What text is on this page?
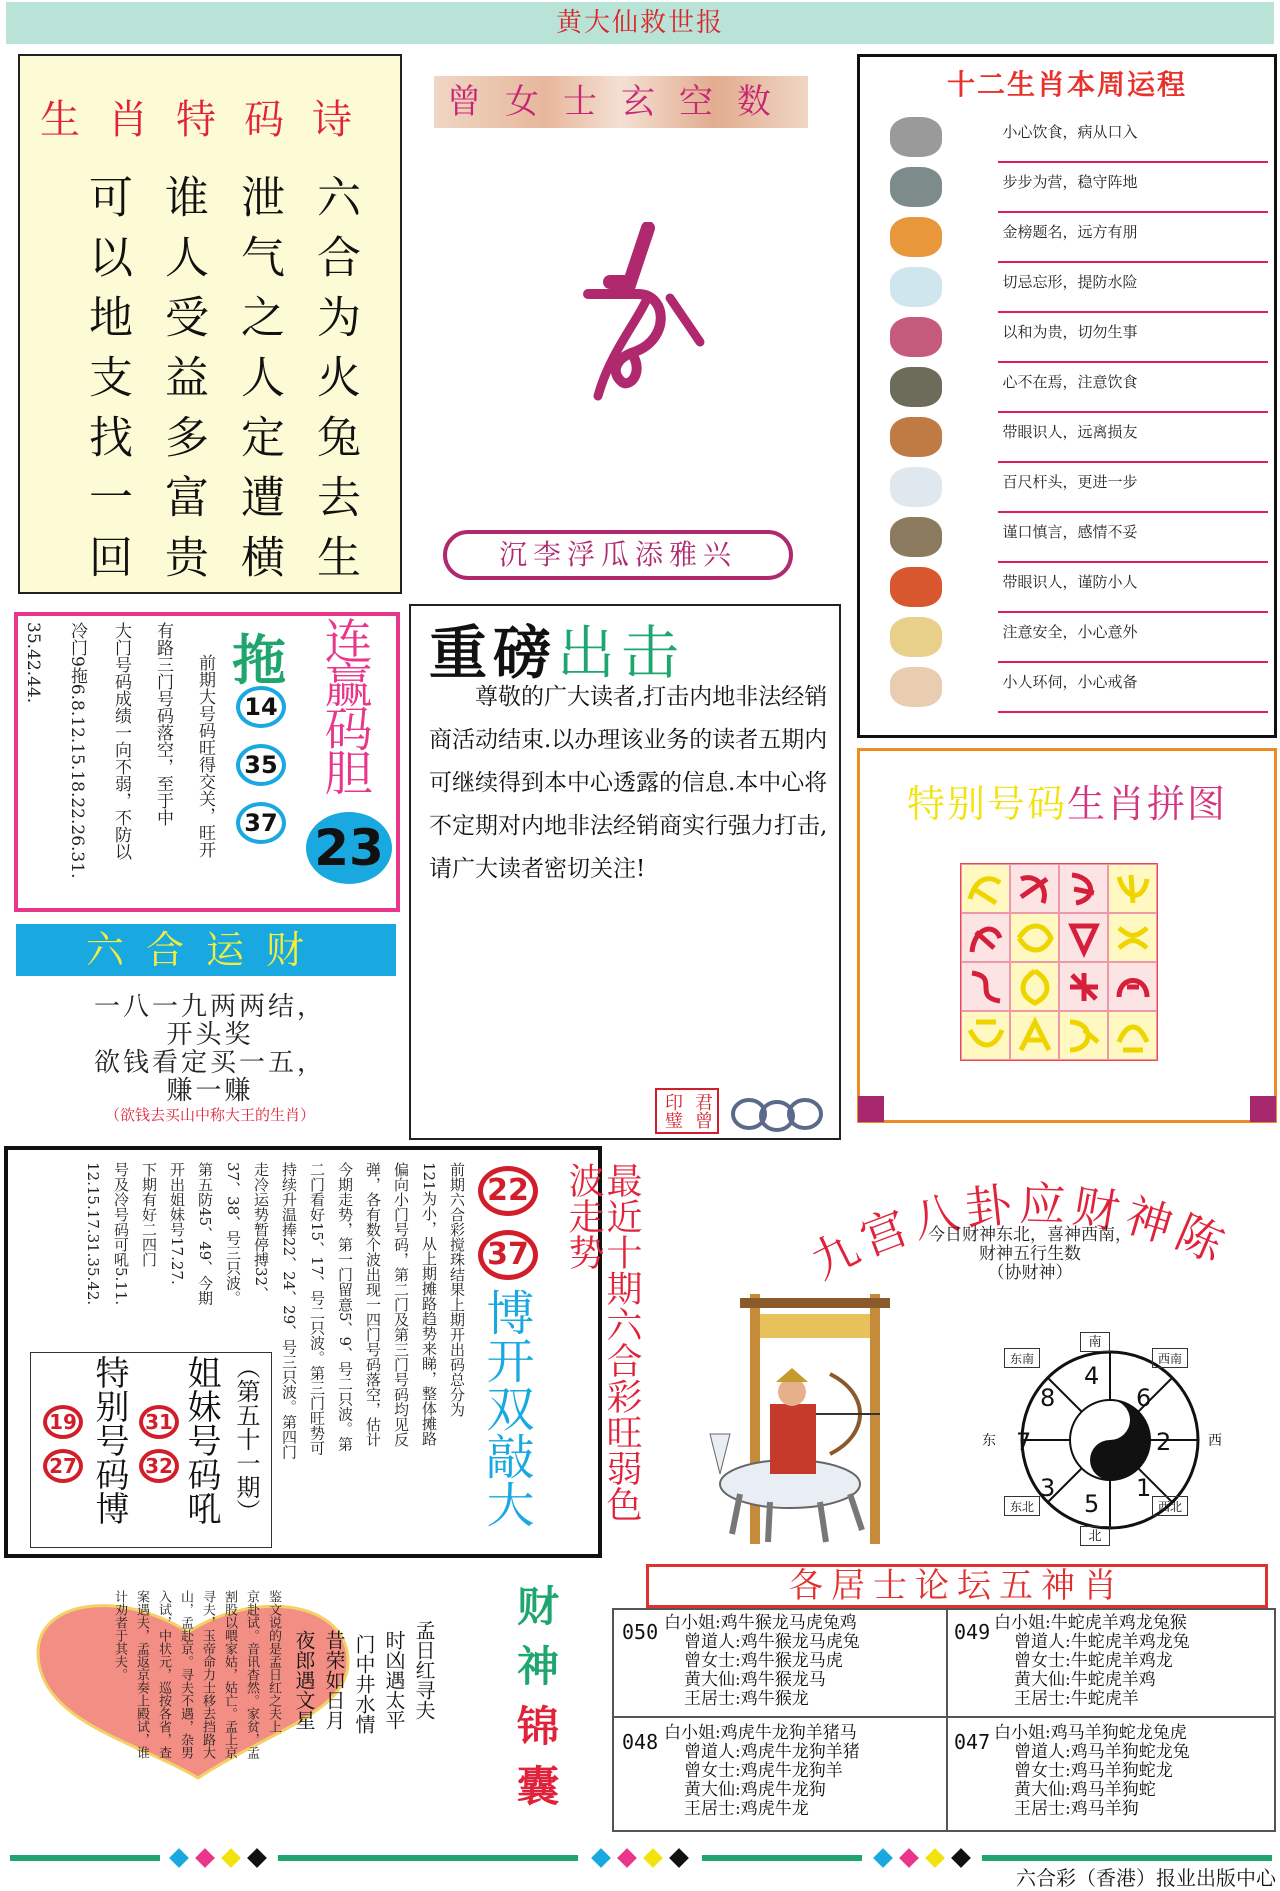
黄大仙救世报
生肖特码诗
六合为火兔去生
泄气之人定遭横
谁人受益多富贵
可以地支找一回
曾女士玄空数
沉李浮瓜添雅兴
十二生肖本周运程
小心饮食，病从口入
步步为营，稳守阵地
金榜题名，远方有朋
切忌忘形，提防水险
以和为贵，切勿生事
心不在焉，注意饮食
带眼识人，远离损友
百尺杆头，更进一步
谨口慎言，感情不妥
带眼识人，谨防小人
注意安全，小心意外
小人环伺，小心戒备
特别号码生肖拼图
35.42.44. 冷门9拖6.8.12.15.18.22.26.31. 大门号码成绩一向不弱，不防以 有路三门号码落空，至于中 前期大号码旺得交关，旺开 拖
14
35
37
连赢码胆
23
六合运财
一八一九两两结，
开头奖
欲钱看定买一五，
赚一赚
（欲钱去买山中称大王的生肖）
重磅出击
尊敬的广大读者,打击内地非法经销商活动结束.以办理该业务的读者五期内可继续得到本中心透露的信息.本中心将不定期对内地非法经销商实行强力打击,请广大读者密切关注!
君曾印璧
最近十期六合彩旺弱色波走势
22
37
博开双敲大
前期六合彩搅珠结果上期开出码总分为
121为小，从上期摊路趋势来睇，整体摊路
偏向小门号码，第二门及第三门号码均见反
弹，各有数个波出现一四门号码落空，估计
今期走势，第一门留意5、9、号二只波。第
二门看好15、17、号二只波。第三门旺势可
持续升温捧22、24、29、号三只波。第四门
走冷运势暂停搏32、
37、38、号三只波。
第五防45、49、今期
开出姐妹号17.27.
下期有好二四门
号及冷号码可吼5.11.
12.15.17.31.35.42.
（第五十一期）
姐妹号码吼
31
32
特别号码博
19
27
九宫八卦应财神陈
今日财神东北，喜神西南，
财神五行生数
（协财神）
南
西南
西
西北
北
东北
东
东南
4
2
6
7
5
3
8
1
孟日红寻夫
时凶遇太平
门中井水情
昔荣如日月
夜郎遇文星
鉴文说的是孟日红之夫上
京赴试。音讯杳然。家贫，孟
割股以喂家姑，姑亡。孟上京
寻夫，玉帝命力士移去挡路大
山，孟赴京。寻夫不遇，杂男
入试，中状元，巡按各省，查
案遇夫，孟返京奏上殿试，谁
计劝者于其夫。	财神锦囊
各居士论坛五神肖
050 白小姐:鸡牛猴龙马虎兔鸡
曾道人:鸡牛猴龙马虎兔
曾女士:鸡牛猴龙马虎
黄大仙:鸡牛猴龙马
王居士:鸡牛猴龙
049 白小姐:牛蛇虎羊鸡龙兔猴
曾道人:牛蛇虎羊鸡龙兔
曾女士:牛蛇虎羊鸡龙
黄大仙:牛蛇虎羊鸡
王居士:牛蛇虎羊
048 白小姐:鸡虎牛龙狗羊猪马
曾道人:鸡虎牛龙狗羊猪
曾女士:鸡虎牛龙狗羊
黄大仙:鸡虎牛龙狗
王居士:鸡虎牛龙
047 白小姐:鸡马羊狗蛇龙兔虎
曾道人:鸡马羊狗蛇龙兔
曾女士:鸡马羊狗蛇龙
黄大仙:鸡马羊狗蛇
王居士:鸡马羊狗
六合彩（香港）报业出版中心
